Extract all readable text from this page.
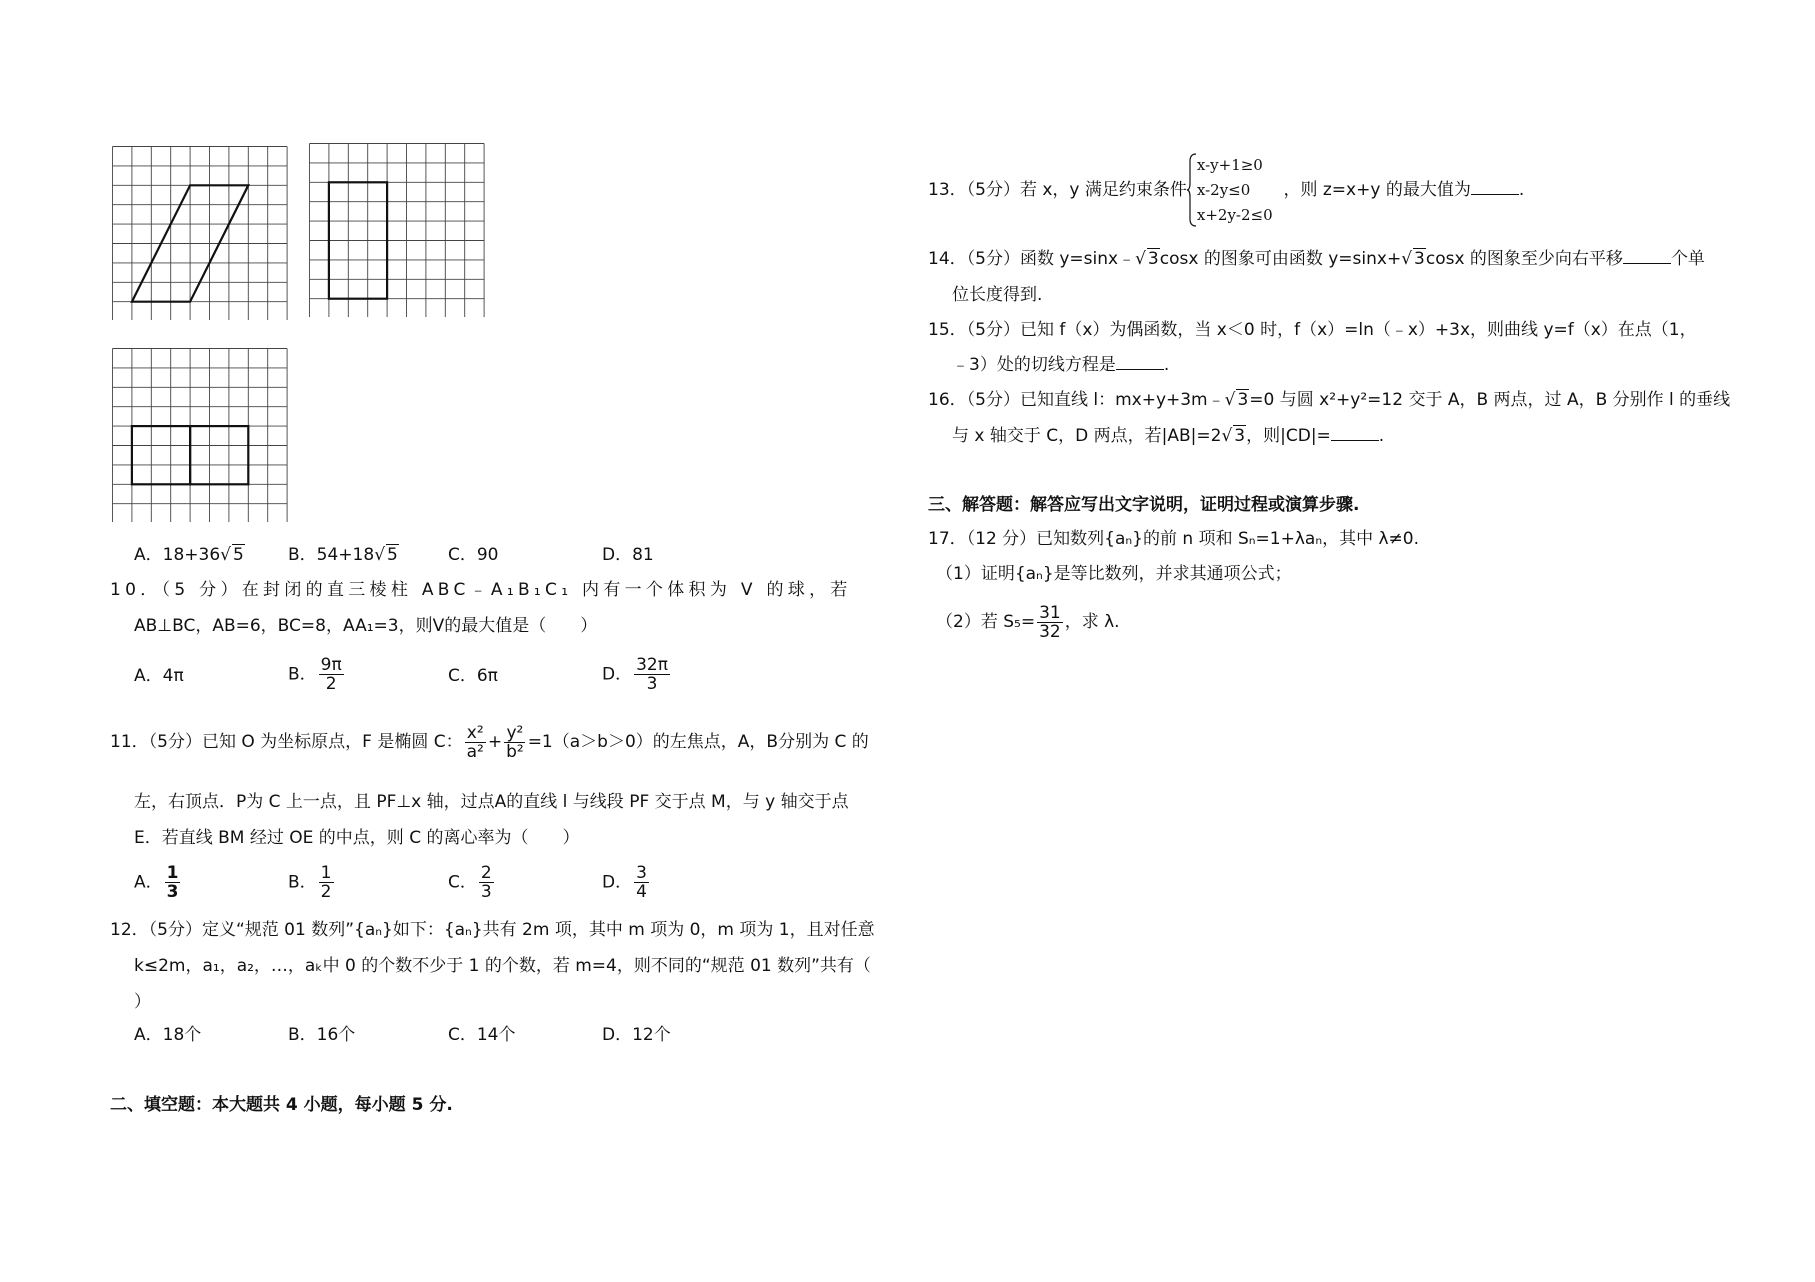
A．18+36√ 5	B．54+18√ 5	C．90	D．81
10．（5 分）在封闭的直三棱柱 ABC﹣A₁B₁C₁ 内有一个体积为 V 的球，若
AB⊥BC，AB=6，BC=8，AA₁=3，则V的最大值是（　　）
A．4π	B． $\frac{9\pi}{2}$	C．6π	D． $\frac{32\pi}{3}$
11．（5分）已知 O 为坐标原点，F 是椭圆 C： $\frac{\text{x²}}{\text{a²}} + \frac{\text{y²}}{\text{b²}} =1(a>b>0)$的左焦点，A，B分别为 C 的
左，右顶点．P为 C 上一点，且 PF⊥x 轴，过点A的直线 l 与线段 PF 交于点 M，与 y 轴交于点
E．若直线 BM 经过 OE 的中点，则 C 的离心率为（　　）
A． $\frac{1}{3}$	B． $\frac{1}{2}$	C． $\frac{2}{3}$	D． $\frac{3}{4}$
12．（5分）定义“规范 01 数列”{aₙ}如下：{aₙ}共有 2m 项，其中 m 项为 0，m 项为 1，且对任意
k≤2m，a₁，a₂，…，aₖ中 0 的个数不少于 1 的个数，若 m=4，则不同的“规范 01 数列”共有（
）
A．18个	B．16个	C．14个	D．12个
二、填空题：本大题共 4 小题，每小题 5 分.
13．（5分）若 x，y 满足约束条件
x-y+1≥0
x-2y≤0
x+2y-2≤0
，则 z=x+y 的最大值为	.
14．（5分）函数 y=sinx﹣√ 3cosx 的图象可由函数 y=sinx+√ 3cosx 的图象至少向右平移	个单
位长度得到.
15．（5分）已知 f（x）为偶函数，当 x＜0 时，f（x）=ln（﹣x）+3x，则曲线 y=f（x）在点（1，
﹣3）处的切线方程是	.
16．（5分）已知直线 l：mx+y+3m﹣√ 3=0 与圆 x²+y²=12 交于 A，B 两点，过 A，B 分别作 l 的垂线
与 x 轴交于 C，D 两点，若|AB|=2√ 3，则|CD|=	.
三、解答题：解答应写出文字说明，证明过程或演算步骤.
17．（12 分）已知数列{aₙ}的前 n 项和 Sₙ=1+λaₙ，其中 λ≠0.
（1）证明{aₙ}是等比数列，并求其通项公式；
（2）若 $S_5= \frac{31}{32}$ ，求 λ.
